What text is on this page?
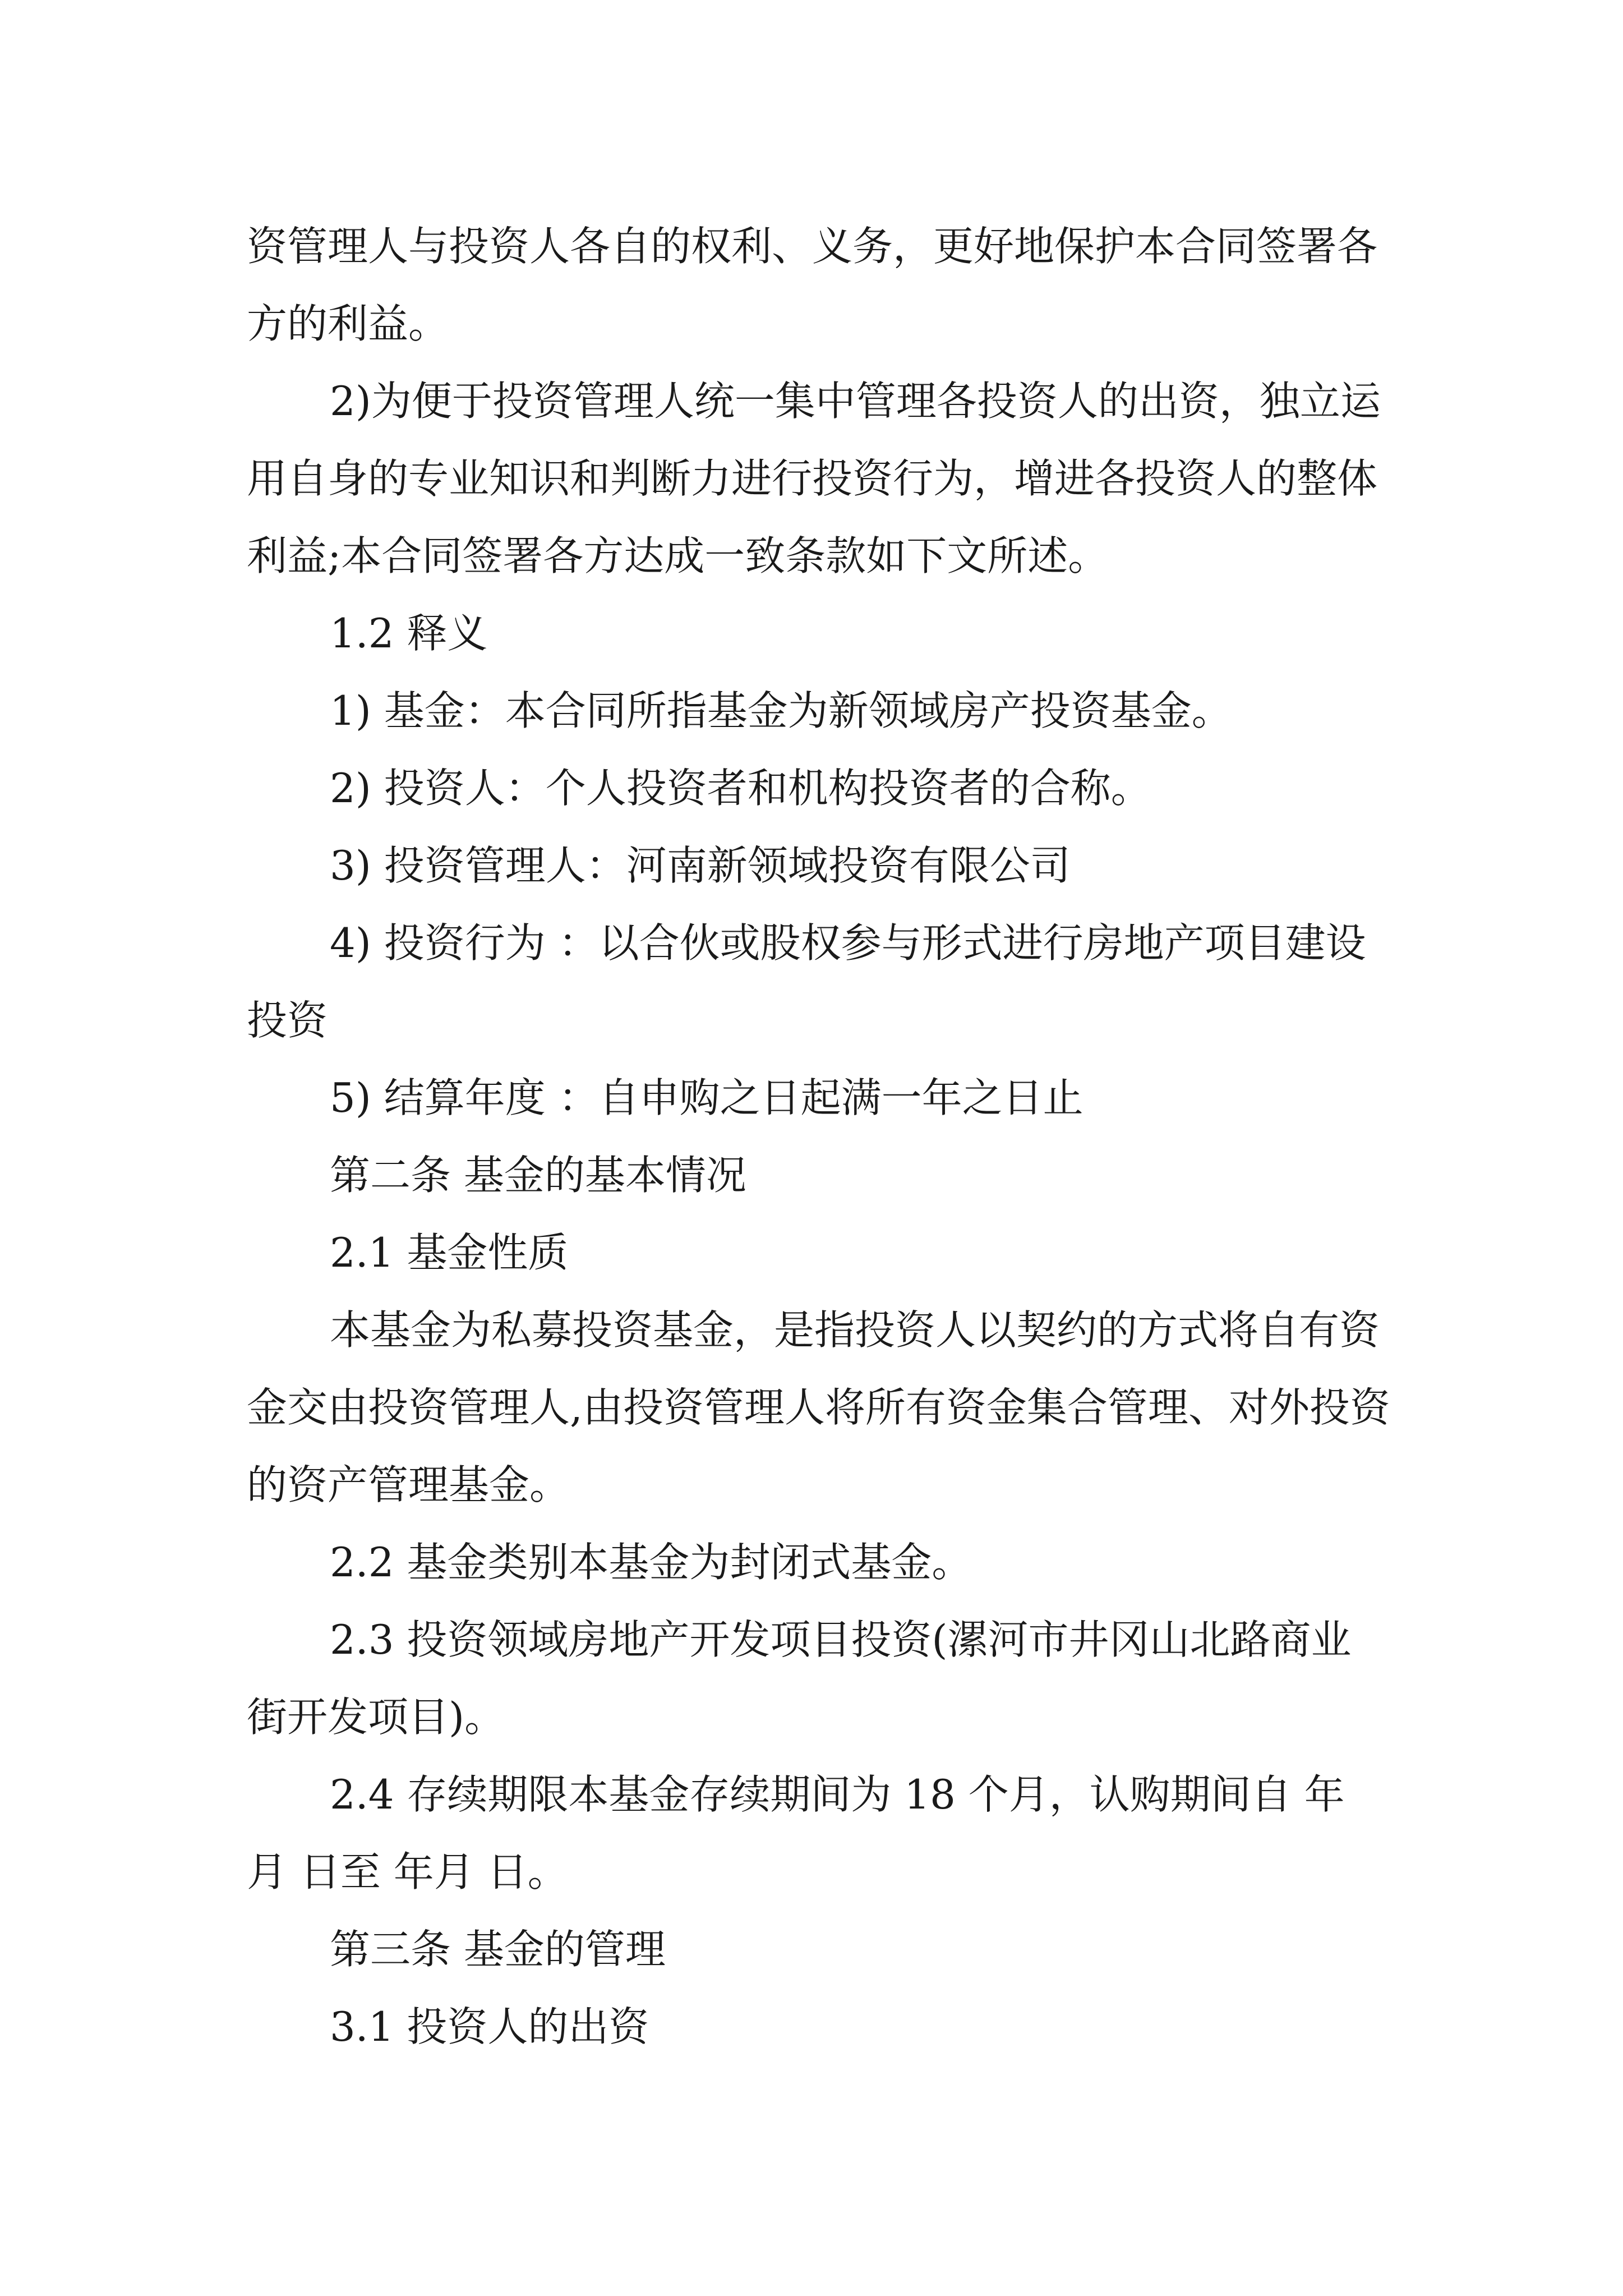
资管理人与投资人各自的权利、义务，更好地保护本合同签署各方的利益。

2)为便于投资管理人统一集中管理各投资人的出资，独立运用自身的专业知识和判断力进行投资行为，增进各投资人的整体利益;本合同签署各方达成一致条款如下文所述。

1.2 释义

1) 基金：本合同所指基金为新领域房产投资基金。

2) 投资人：个人投资者和机构投资者的合称。

3) 投资管理人：河南新领域投资有限公司

4) 投资行为 ：以合伙或股权参与形式进行房地产项目建设投资

5) 结算年度 ：自申购之日起满一年之日止

第二条 基金的基本情况

2.1 基金性质

本基金为私募投资基金，是指投资人以契约的方式将自有资金交由投资管理人,由投资管理人将所有资金集合管理、对外投资的资产管理基金。

2.2 基金类别本基金为封闭式基金。

2.3 投资领域房地产开发项目投资(漯河市井冈山北路商业街开发项目)。

2.4 存续期限本基金存续期间为 18 个月，认购期间自 年 月 日至 年月 日。

第三条 基金的管理

3.1 投资人的出资
